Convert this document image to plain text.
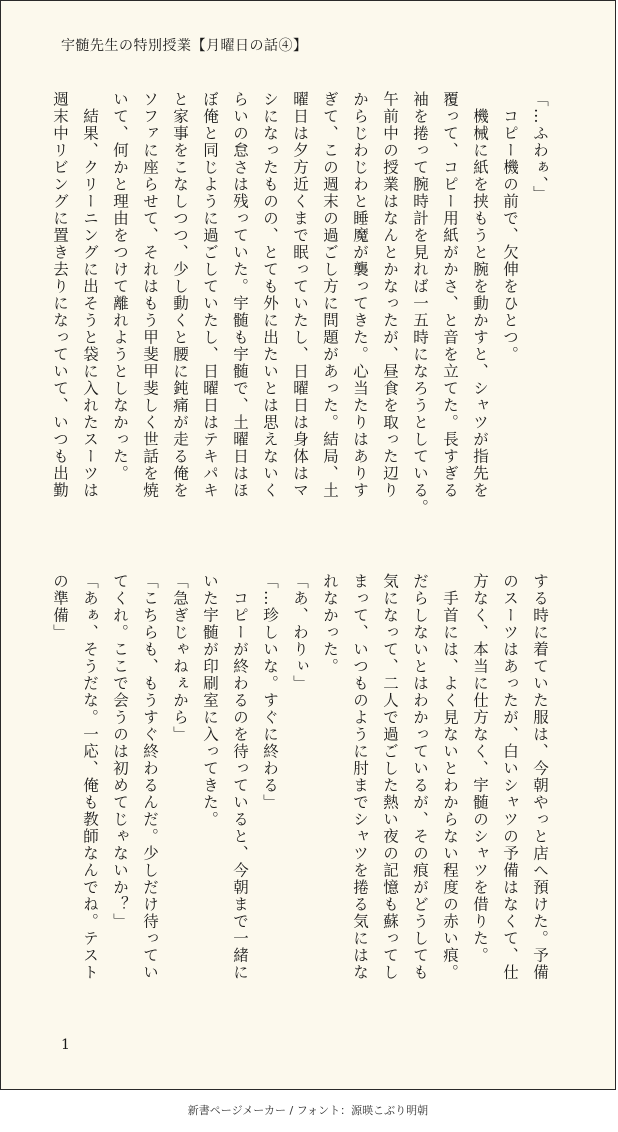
宇髄先生の特別授業【月曜日の話④】

「…ふわぁ、」

　コピー機の前で、欠伸をひとつ。

　機械に紙を挟もうと腕を動かすと、シャツが指先を

覆って、コピー用紙がかさ、と音を立てた。長すぎる

袖を捲って腕時計を見れば一五時になろうとしている。

午前中の授業はなんとかなったが、昼食を取った辺り

からじわじわと睡魔が襲ってきた。心当たりはありす

ぎて、この週末の過ごし方に問題があった。結局、土

曜日は夕方近くまで眠っていたし、日曜日は身体はマ

シになったものの、とても外に出たいとは思えないく

らいの怠さは残っていた。宇髄も宇髄で、土曜日はほ

ぼ俺と同じように過ごしていたし、日曜日はテキパキ

と家事をこなしつつ、少し動くと腰に鈍痛が走る俺を

ソファに座らせて、それはもう甲斐甲斐しく世話を焼

いて、何かと理由をつけて離れようとしなかった。

　結果、クリーニングに出そうと袋に入れたスーツは

週末中リビングに置き去りになっていて、いつも出勤

する時に着ていた服は、今朝やっと店へ預けた。予備

のスーツはあったが、白いシャツの予備はなくて、仕

方なく、本当に仕方なく、宇髄のシャツを借りた。

　手首には、よく見ないとわからない程度の赤い痕。

だらしないとはわかっているが、その痕がどうしても

気になって、二人で過ごした熱い夜の記憶も蘇ってし

まって、いつものように肘までシャツを捲る気にはな

れなかった。

「あ、わりぃ」

「…珍しいな。すぐに終わる」

　コピーが終わるのを待っていると、今朝まで一緒に

いた宇髄が印刷室に入ってきた。

「急ぎじゃねぇから」

「こちらも、もうすぐ終わるんだ。少しだけ待ってい

てくれ。ここで会うのは初めてじゃないか？」

「あぁ、そうだな。一応、俺も教師なんでね。テスト

の準備」

1
新書ページメーカー / フォント：源暎こぶり明朝
